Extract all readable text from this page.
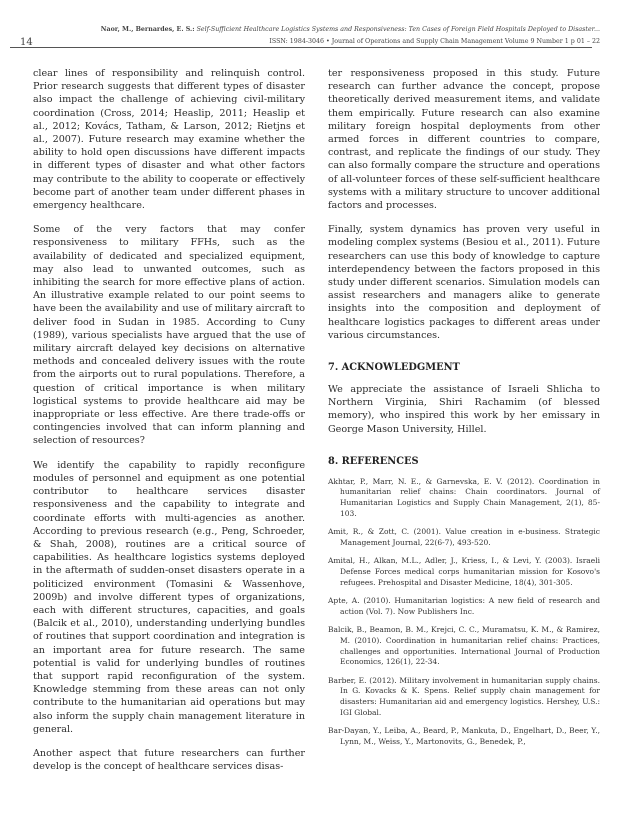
14
Naor, M., Bernardes, E. S.: Self-Sufficient Healthcare Logistics Systems and Responsiveness: Ten Cases of Foreign Field Hospitals Deployed to Disaster...
ISSN: 1984-3046 • Journal of Operations and Supply Chain Management Volume 9 Number 1 p 01 – 22

clear lines of responsibility and relinquish control. Prior research suggests that different types of disaster also impact the challenge of achieving civil-military coordination (Cross, 2014; Heaslip, 2011; Heaslip et al., 2012; Kovács, Tatham, & Larson, 2012; Rietjns et al., 2007). Future research may examine whether the ability to hold open discussions have different impacts in different types of disaster and what other factors may contribute to the ability to cooperate or effectively become part of another team under different phases in emergency healthcare.

Some of the very factors that may confer responsiveness to military FFHs, such as the availability of dedicated and specialized equipment, may also lead to unwanted outcomes, such as inhibiting the search for more effective plans of action. An illustrative example related to our point seems to have been the availability and use of military aircraft to deliver food in Sudan in 1985. According to Cuny (1989), various specialists have argued that the use of military aircraft delayed key decisions on alternative methods and concealed delivery issues with the route from the airports out to rural populations. Therefore, a question of critical importance is when military logistical systems to provide healthcare aid may be inappropriate or less effective. Are there trade-offs or contingencies involved that can inform planning and selection of resources?

We identify the capability to rapidly reconfigure modules of personnel and equipment as one potential contributor to healthcare services disaster responsiveness and the capability to integrate and coordinate efforts with multi-agencies as another. According to previous research (e.g., Peng, Schroeder, & Shah, 2008), routines are a critical source of capabilities. As healthcare logistics systems deployed in the aftermath of sudden-onset disasters operate in a politicized environment (Tomasini & Wassenhove, 2009b) and involve different types of organizations, each with different structures, capacities, and goals (Balcik et al., 2010), understanding underlying bundles of routines that support coordination and integration is an important area for future research. The same potential is valid for underlying bundles of routines that support rapid reconfiguration of the system. Knowledge stemming from these areas can not only contribute to the humanitarian aid operations but may also inform the supply chain management literature in general.

Another aspect that future researchers can further develop is the concept of healthcare services disas-

ter responsiveness proposed in this study. Future research can further advance the concept, propose theoretically derived measurement items, and validate them empirically. Future research can also examine military foreign hospital deployments from other armed forces in different countries to compare, contrast, and replicate the findings of our study. They can also formally compare the structure and operations of all-volunteer forces of these self-sufficient healthcare systems with a military structure to uncover additional factors and processes.

Finally, system dynamics has proven very useful in modeling complex systems (Besiou et al., 2011). Future researchers can use this body of knowledge to capture interdependency between the factors proposed in this study under different scenarios. Simulation models can assist researchers and managers alike to generate insights into the composition and deployment of healthcare logistics packages to different areas under various circumstances.

7. ACKNOWLEDGMENT

We appreciate the assistance of Israeli Shlicha to Northern Virginia, Shiri Rachamim (of blessed memory), who inspired this work by her emissary in George Mason University, Hillel.

8. REFERENCES
Akhtar, P., Marr, N. E., & Garnevska, E. V. (2012). Coordination in humanitarian relief chains: Chain coordinators. Journal of Humanitarian Logistics and Supply Chain Management, 2(1), 85-103.
Amit, R., & Zott, C. (2001). Value creation in e-business. Strategic Management Journal, 22(6-7), 493-520.
Amital, H., Alkan, M.L., Adler, J., Kriess, I., & Levi, Y. (2003). Israeli Defense Forces medical corps humanitarian mission for Kosovo's refugees. Prehospital and Disaster Medicine, 18(4), 301-305.
Apte, A. (2010). Humanitarian logistics: A new field of research and action (Vol. 7). Now Publishers Inc.
Balcik, B., Beamon, B. M., Krejci, C. C., Muramatsu, K. M., & Ramirez, M. (2010). Coordination in humanitarian relief chains: Practices, challenges and opportunities. International Journal of Production Economics, 126(1), 22-34.
Barber, E. (2012). Military involvement in humanitarian supply chains. In G. Kovacks & K. Spens. Relief supply chain management for disasters: Humanitarian aid and emergency logistics. Hershey, U.S.: IGI Global.
Bar-Dayan, Y., Leiba, A., Beard, P., Mankuta, D., Engelhart, D., Beer, Y., Lynn, M., Weiss, Y., Martonovits, G., Benedek, P.,
